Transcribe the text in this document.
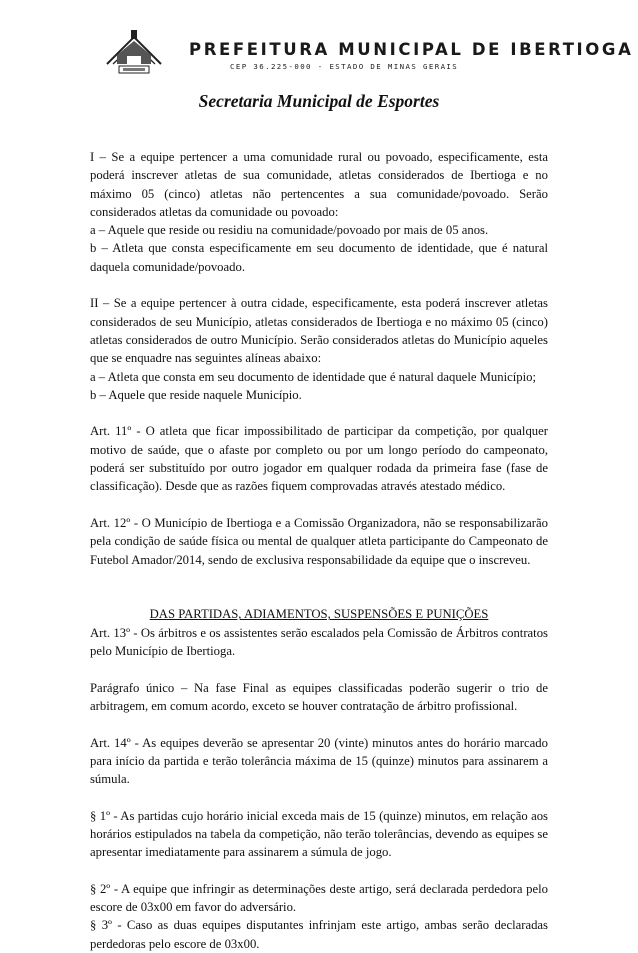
PREFEITURA MUNICIPAL DE IBERTIOGA
CEP 36.225-000 - ESTADO DE MINAS GERAIS
Secretaria Municipal de Esportes

I – Se a equipe pertencer a uma comunidade rural ou povoado, especificamente, esta poderá inscrever atletas de sua comunidade, atletas considerados de Ibertioga e no máximo 05 (cinco) atletas não pertencentes a sua comunidade/povoado. Serão considerados atletas da comunidade ou povoado:

a – Aquele que reside ou residiu na comunidade/povoado por mais de 05 anos.

b – Atleta que consta especificamente em seu documento de identidade, que é natural daquela comunidade/povoado.

II – Se a equipe pertencer à outra cidade, especificamente, esta poderá inscrever atletas considerados de seu Município, atletas considerados de Ibertioga e no máximo 05 (cinco) atletas considerados de outro Município. Serão considerados atletas do Município aqueles que se enquadre nas seguintes alíneas abaixo:

a – Atleta que consta em seu documento de identidade que é natural daquele Município;

b – Aquele que reside naquele Município.

Art. 11º - O atleta que ficar impossibilitado de participar da competição, por qualquer motivo de saúde, que o afaste por completo ou por um longo período do campeonato, poderá ser substituído por outro jogador em qualquer rodada da primeira fase (fase de classificação). Desde que as razões fiquem comprovadas através atestado médico.

Art. 12º - O Município de Ibertioga e a Comissão Organizadora, não se responsabilizarão pela condição de saúde física ou mental de qualquer atleta participante do Campeonato de Futebol Amador/2014, sendo de exclusiva responsabilidade da equipe que o inscreveu.

DAS PARTIDAS, ADIAMENTOS, SUSPENSÕES E PUNIÇÕES

Art. 13º - Os árbitros e os assistentes serão escalados pela Comissão de Árbitros contratos pelo Município de Ibertioga.

Parágrafo único – Na fase Final as equipes classificadas poderão sugerir o trio de arbitragem, em comum acordo, exceto se houver contratação de árbitro profissional.

Art. 14º - As equipes deverão se apresentar 20 (vinte) minutos antes do horário marcado para início da partida e terão tolerância máxima de 15 (quinze) minutos para assinarem a súmula.

§ 1º - As partidas cujo horário inicial exceda mais de 15 (quinze) minutos, em relação aos horários estipulados na tabela da competição, não terão tolerâncias, devendo as equipes se apresentar imediatamente para assinarem a súmula de jogo.

§ 2º - A equipe que infringir as determinações deste artigo, será declarada perdedora pelo escore de 03x00 em favor do adversário.

§ 3º - Caso as duas equipes disputantes infrinjam este artigo, ambas serão declaradas perdedoras pelo escore de 03x00.
